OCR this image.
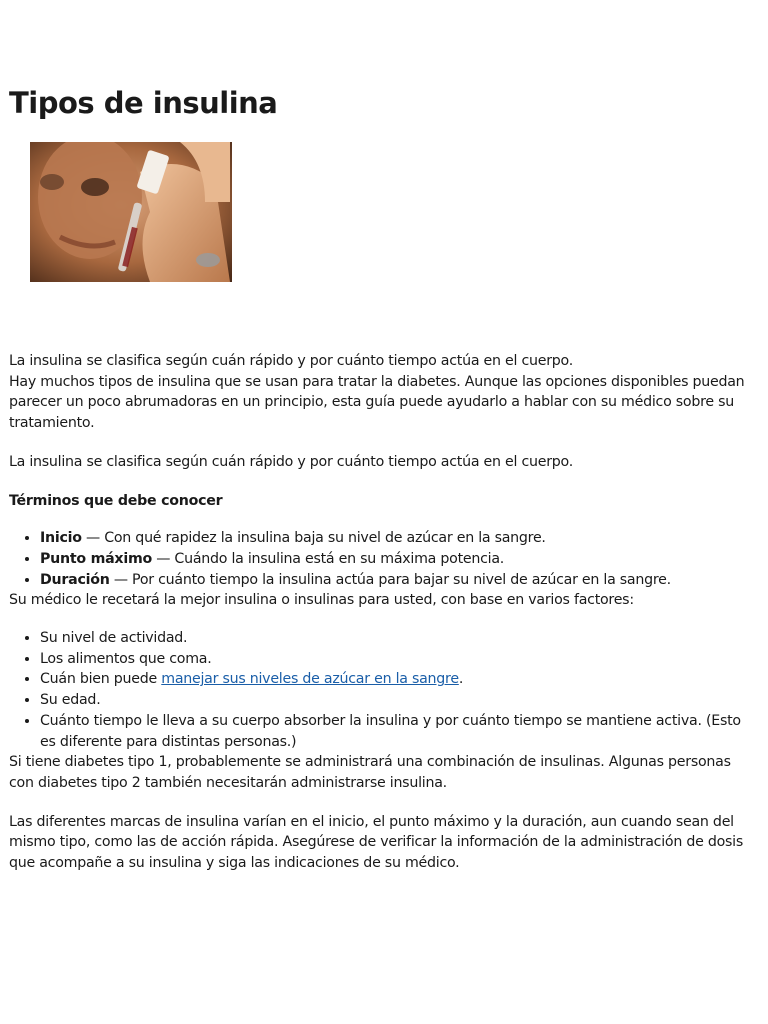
Tipos de insulina

La insulina se clasifica según cuán rápido y por cuánto tiempo actúa en el cuerpo.
Hay muchos tipos de insulina que se usan para tratar la diabetes. Aunque las opciones disponibles puedan parecer un poco abrumadoras en un principio, esta guía puede ayudarlo a hablar con su médico sobre su tratamiento.

La insulina se clasifica según cuán rápido y por cuánto tiempo actúa en el cuerpo.

Términos que debe conocer

• Inicio — Con qué rapidez la insulina baja su nivel de azúcar en la sangre.
• Punto máximo — Cuándo la insulina está en su máxima potencia.
• Duración — Por cuánto tiempo la insulina actúa para bajar su nivel de azúcar en la sangre.

Su médico le recetará la mejor insulina o insulinas para usted, con base en varios factores:

• Su nivel de actividad.
• Los alimentos que coma.
• Cuán bien puede manejar sus niveles de azúcar en la sangre.
• Su edad.
• Cuánto tiempo le lleva a su cuerpo absorber la insulina y por cuánto tiempo se mantiene activa. (Esto es diferente para distintas personas.)

Si tiene diabetes tipo 1, probablemente se administrará una combinación de insulinas. Algunas personas con diabetes tipo 2 también necesitarán administrarse insulina.

Las diferentes marcas de insulina varían en el inicio, el punto máximo y la duración, aun cuando sean del mismo tipo, como las de acción rápida. Asegúrese de verificar la información de la administración de dosis que acompañe a su insulina y siga las indicaciones de su médico.
